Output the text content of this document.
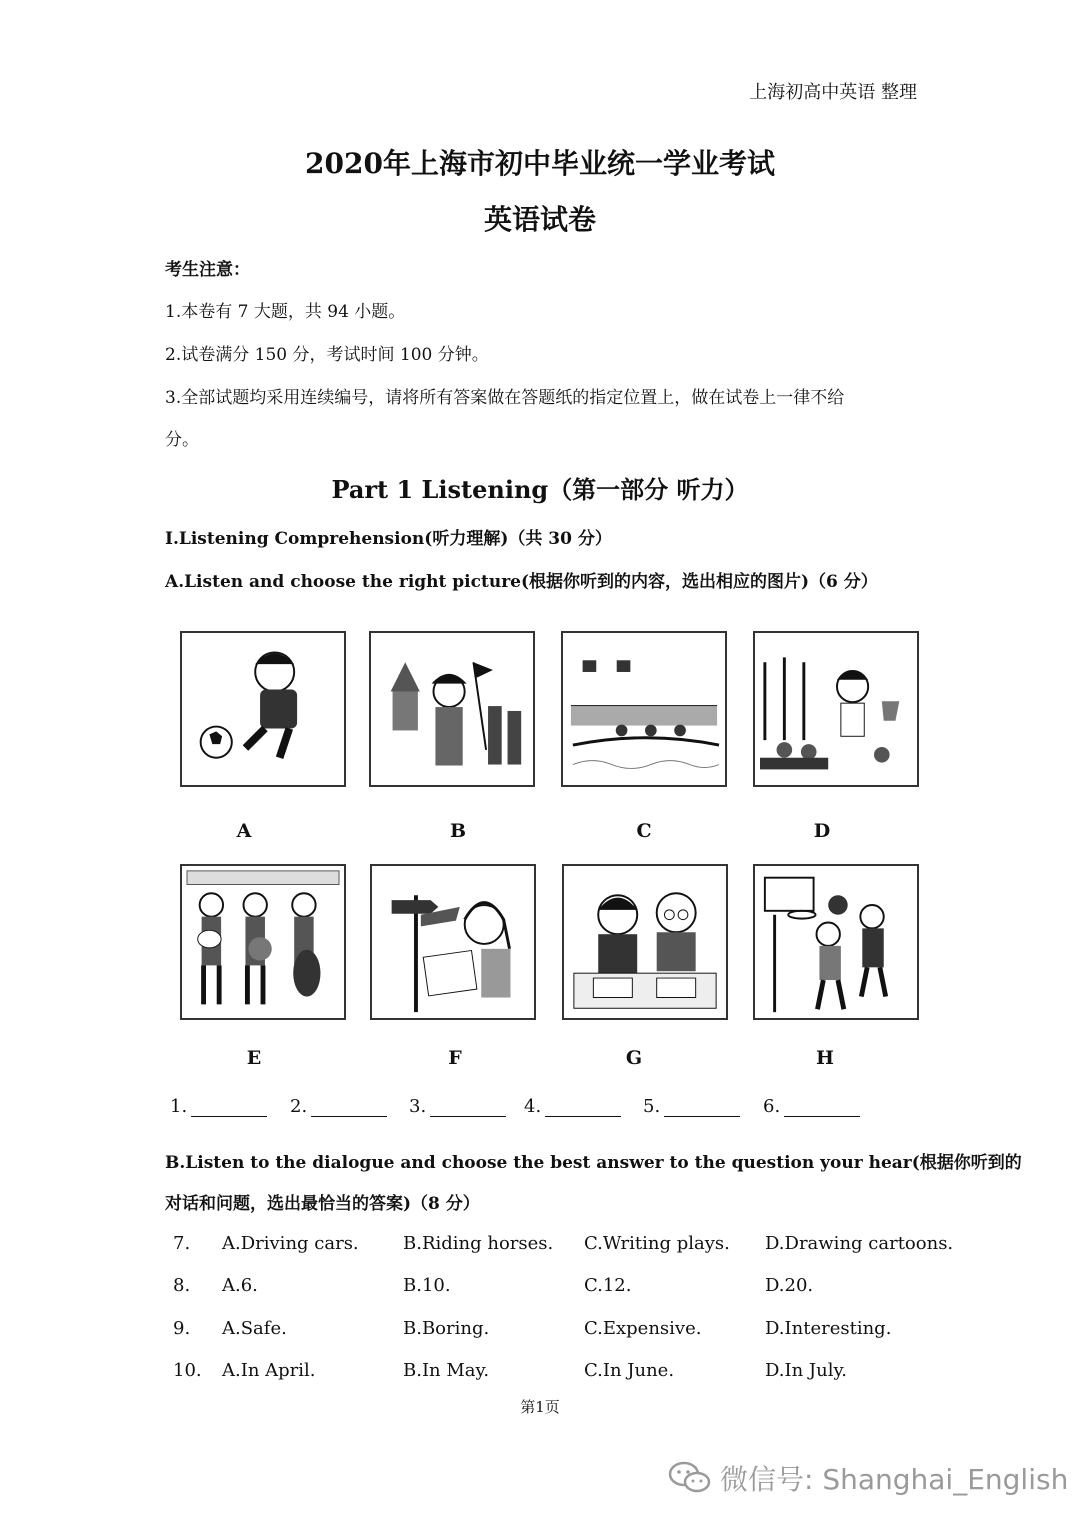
上海初高中英语 整理
2020年上海市初中毕业统一学业考试
英语试卷
考生注意：
1.本卷有 7 大题，共 94 小题。
2.试卷满分 150 分，考试时间 100 分钟。
3.全部试题均采用连续编号，请将所有答案做在答题纸的指定位置上，做在试卷上一律不给
分。
Part 1 Listening（第一部分 听力）
I.Listening Comprehension(听力理解)（共 30 分）
A.Listen and choose the right picture(根据你听到的内容，选出相应的图片)（6 分）
A	B	C	D
E	F	G	H
1.	2.	3.	4.	5.	6.
B.Listen to the dialogue and choose the best answer to the question your hear(根据你听到的
对话和问题，选出最恰当的答案)（8 分）
7. A.Driving cars. B.Riding horses. C.Writing plays. D.Drawing cartoons.
8. A.6.	B.10.	C.12.	D.20.
9. A.Safe.	B.Boring.	C.Expensive.	D.Interesting.
10. A.In April.	B.In May.	C.In June.	D.In July.
第1页
微信号: Shanghai_English
